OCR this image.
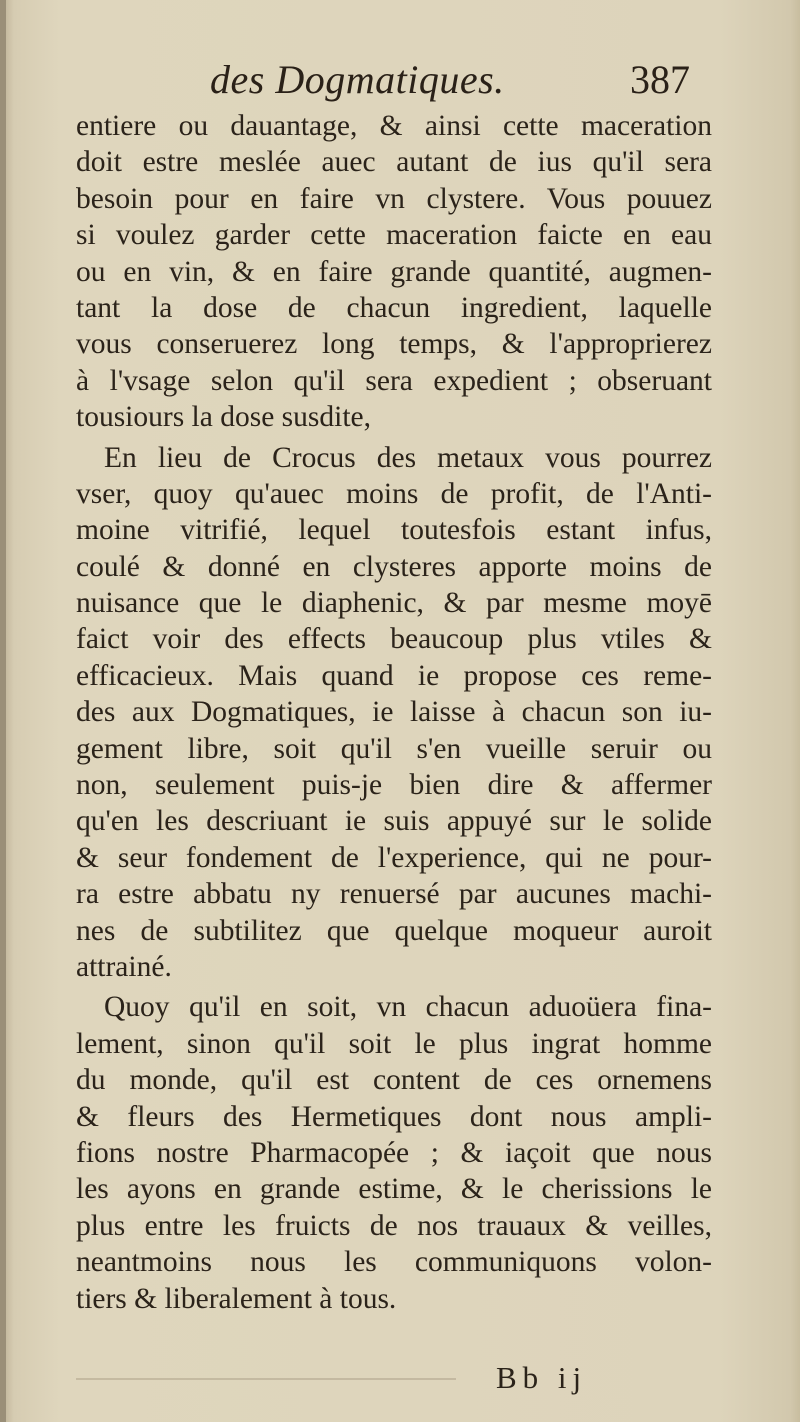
des Dogmatiques.	387
entiere ou dauantage, & ainsi cette maceration
doit estre meslée auec autant de ius qu'il sera
besoin pour en faire vn clystere. Vous pouuez
si voulez garder cette maceration faicte en eau
ou en vin, & en faire grande quantité, augmen-
tant la dose de chacun ingredient, laquelle
vous conseruerez long temps, & l'approprierez
à l'vsage selon qu'il sera expedient ; obseruant
tousiours la dose susdite,
En lieu de Crocus des metaux vous pourrez
vser, quoy qu'auec moins de profit, de l'Anti-
moine vitrifié, lequel toutesfois estant infus,
coulé & donné en clysteres apporte moins de
nuisance que le diaphenic, & par mesme moyē
faict voir des effects beaucoup plus vtiles &
efficacieux. Mais quand ie propose ces reme-
des aux Dogmatiques, ie laisse à chacun son iu-
gement libre, soit qu'il s'en vueille seruir ou
non, seulement puis-je bien dire & affermer
qu'en les descriuant ie suis appuyé sur le solide
& seur fondement de l'experience, qui ne pour-
ra estre abbatu ny renuersé par aucunes machi-
nes de subtilitez que quelque moqueur auroit
attrainé.
Quoy qu'il en soit, vn chacun aduoüera fina-
lement, sinon qu'il soit le plus ingrat homme
du monde, qu'il est content de ces ornemens
& fleurs des Hermetiques dont nous ampli-
fions nostre Pharmacopée ; & iaçoit que nous
les ayons en grande estime, & le cherissions le
plus entre les fruicts de nos trauaux & veilles,
neantmoins nous les communiquons volon-
tiers & liberalement à tous.
Bb ij
